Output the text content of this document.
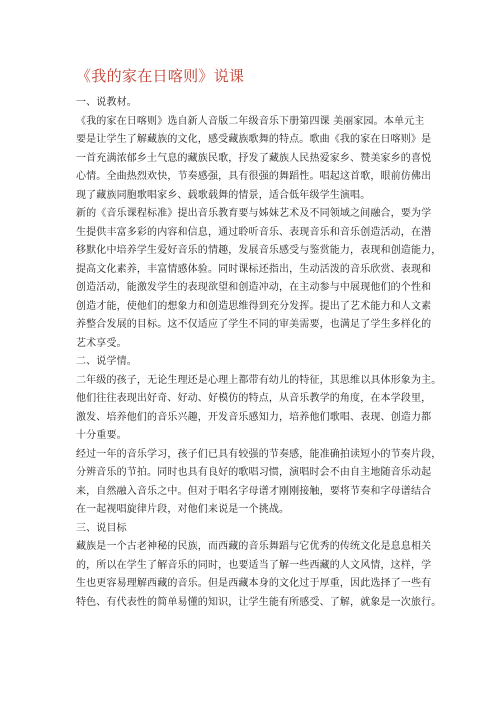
《我的家在日喀则》说课
一、说教材。
《我的家在日喀则》选自新人音版二年级音乐下册第四课 美丽家园。本单元主
要是让学生了解藏族的文化，感受藏族歌舞的特点。歌曲《我的家在日喀则》是
一首充满浓郁乡土气息的藏族民歌，抒发了藏族人民热爱家乡、赞美家乡的喜悦
心情。全曲热烈欢快，节奏感强，具有很强的舞蹈性。唱起这首歌，眼前仿佛出
现了藏族同胞歌唱家乡、载歌载舞的情景，适合低年级学生演唱。
新的《音乐课程标准》提出音乐教育要与姊妹艺术及不同领域之间融合，要为学
生提供丰富多彩的内容和信息，通过聆听音乐、表现音乐和音乐创造活动，在潜
移默化中培养学生爱好音乐的情趣，发展音乐感受与鉴赏能力，表现和创造能力，
提高文化素养，丰富情感体验。同时课标还指出，生动活泼的音乐欣赏、表现和
创造活动，能激发学生的表现欲望和创造冲动，在主动参与中展现他们的个性和
创造才能，使他们的想象力和创造思维得到充分发挥。提出了艺术能力和人文素
养整合发展的目标。这不仅适应了学生不同的审美需要，也满足了学生多样化的
艺术享受。
二、说学情。
二年级的孩子，无论生理还是心理上都带有幼儿的特征，其思维以具体形象为主。
他们往往表现出好奇、好动、好模仿的特点，从音乐教学的角度，在本学段里，
激发、培养他们的音乐兴趣，开发音乐感知力，培养他们歌唱、表现、创造力都
十分重要。
经过一年的音乐学习，孩子们已具有较强的节奏感，能准确拍读短小的节奏片段，
分辨音乐的节拍。同时也具有良好的歌唱习惯，演唱时会不由自主地随音乐动起
来，自然融入音乐之中。但对于唱名字母谱才刚刚接触，要将节奏和字母谱结合
在一起视唱旋律片段，对他们来说是一个挑战。
三、说目标
藏族是一个古老神秘的民族，而西藏的音乐舞蹈与它优秀的传统文化是息息相关
的，所以在学生了解音乐的同时，也要适当了解一些西藏的人文风情，这样，学
生也更容易理解西藏的音乐。但是西藏本身的文化过于厚重，因此选择了一些有
特色、有代表性的简单易懂的知识，让学生能有所感受、了解，就象是一次旅行。
